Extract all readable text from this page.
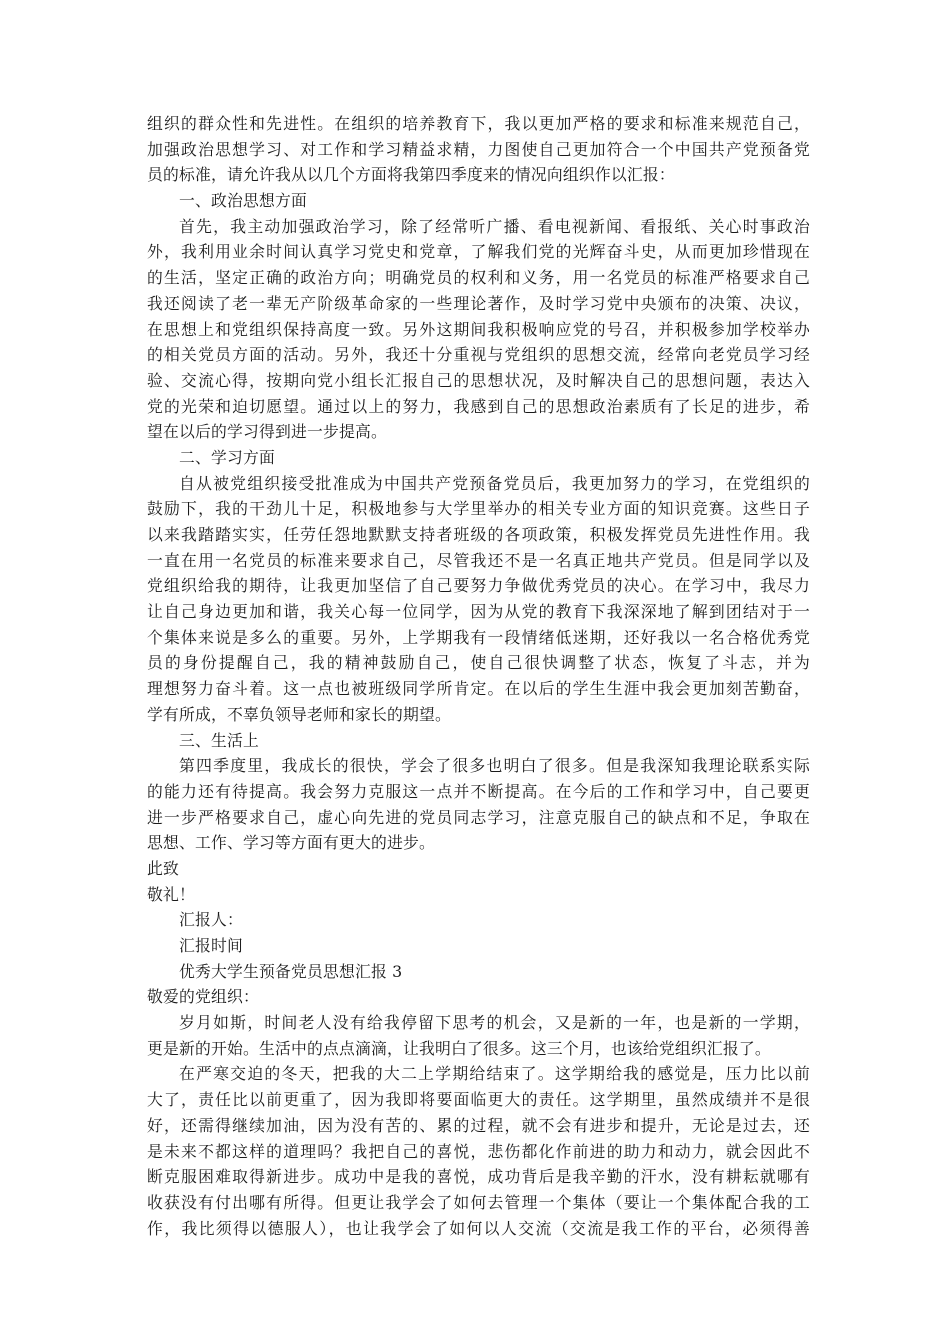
组织的群众性和先进性。在组织的培养教育下，我以更加严格的要求和标准来规范自己，
加强政治思想学习、对工作和学习精益求精，力图使自己更加符合一个中国共产党预备党
员的标准，请允许我从以几个方面将我第四季度来的情况向组织作以汇报：
一、政治思想方面
首先，我主动加强政治学习，除了经常听广播、看电视新闻、看报纸、关心时事政治
外，我利用业余时间认真学习党史和党章，了解我们党的光辉奋斗史，从而更加珍惜现在
的生活，坚定正确的政治方向；明确党员的权利和义务，用一名党员的标准严格要求自己
我还阅读了老一辈无产阶级革命家的一些理论著作，及时学习党中央颁布的决策、决议，
在思想上和党组织保持高度一致。另外这期间我积极响应党的号召，并积极参加学校举办
的相关党员方面的活动。另外，我还十分重视与党组织的思想交流，经常向老党员学习经
验、交流心得，按期向党小组长汇报自己的思想状况，及时解决自己的思想问题，表达入
党的光荣和迫切愿望。通过以上的努力，我感到自己的思想政治素质有了长足的进步，希
望在以后的学习得到进一步提高。
二、学习方面
自从被党组织接受批准成为中国共产党预备党员后，我更加努力的学习，在党组织的
鼓励下，我的干劲儿十足，积极地参与大学里举办的相关专业方面的知识竞赛。这些日子
以来我踏踏实实，任劳任怨地默默支持者班级的各项政策，积极发挥党员先进性作用。我
一直在用一名党员的标准来要求自己，尽管我还不是一名真正地共产党员。但是同学以及
党组织给我的期待，让我更加坚信了自己要努力争做优秀党员的决心。在学习中，我尽力
让自己身边更加和谐，我关心每一位同学，因为从党的教育下我深深地了解到团结对于一
个集体来说是多么的重要。另外，上学期我有一段情绪低迷期，还好我以一名合格优秀党
员的身份提醒自己，我的精神鼓励自己，使自己很快调整了状态，恢复了斗志，并为
理想努力奋斗着。这一点也被班级同学所肯定。在以后的学生生涯中我会更加刻苦勤奋，
学有所成，不辜负领导老师和家长的期望。
三、生活上
第四季度里，我成长的很快，学会了很多也明白了很多。但是我深知我理论联系实际
的能力还有待提高。我会努力克服这一点并不断提高。在今后的工作和学习中，自己要更
进一步严格要求自己，虚心向先进的党员同志学习，注意克服自己的缺点和不足，争取在
思想、工作、学习等方面有更大的进步。
此致
敬礼！
汇报人：
汇报时间
优秀大学生预备党员思想汇报 3
敬爱的党组织：
岁月如斯，时间老人没有给我停留下思考的机会，又是新的一年，也是新的一学期，
更是新的开始。生活中的点点滴滴，让我明白了很多。这三个月，也该给党组织汇报了。
在严寒交迫的冬天，把我的大二上学期给结束了。这学期给我的感觉是，压力比以前
大了，责任比以前更重了，因为我即将要面临更大的责任。这学期里，虽然成绩并不是很
好，还需得继续加油，因为没有苦的、累的过程，就不会有进步和提升，无论是过去，还
是未来不都这样的道理吗？我把自己的喜悦，悲伤都化作前进的助力和动力，就会因此不
断克服困难取得新进步。成功中是我的喜悦，成功背后是我辛勤的汗水，没有耕耘就哪有
收获没有付出哪有所得。但更让我学会了如何去管理一个集体（要让一个集体配合我的工
作，我比须得以德服人），也让我学会了如何以人交流（交流是我工作的平台，必须得善
